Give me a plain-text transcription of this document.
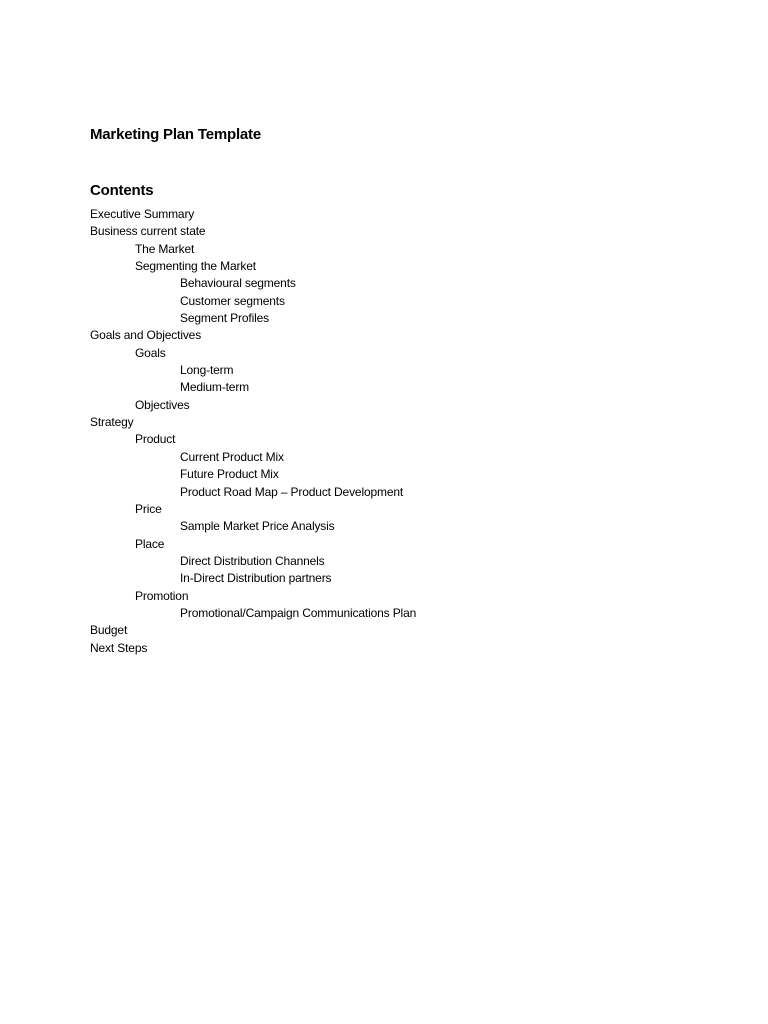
Marketing Plan Template
Contents
Executive Summary
Business current state
The Market
Segmenting the Market
Behavioural segments
Customer segments
Segment Profiles
Goals and Objectives
Goals
Long-term
Medium-term
Objectives
Strategy
Product
Current Product Mix
Future Product Mix
Product Road Map – Product Development
Price
Sample Market Price Analysis
Place
Direct Distribution Channels
In-Direct Distribution partners
Promotion
Promotional/Campaign Communications Plan
Budget
Next Steps
